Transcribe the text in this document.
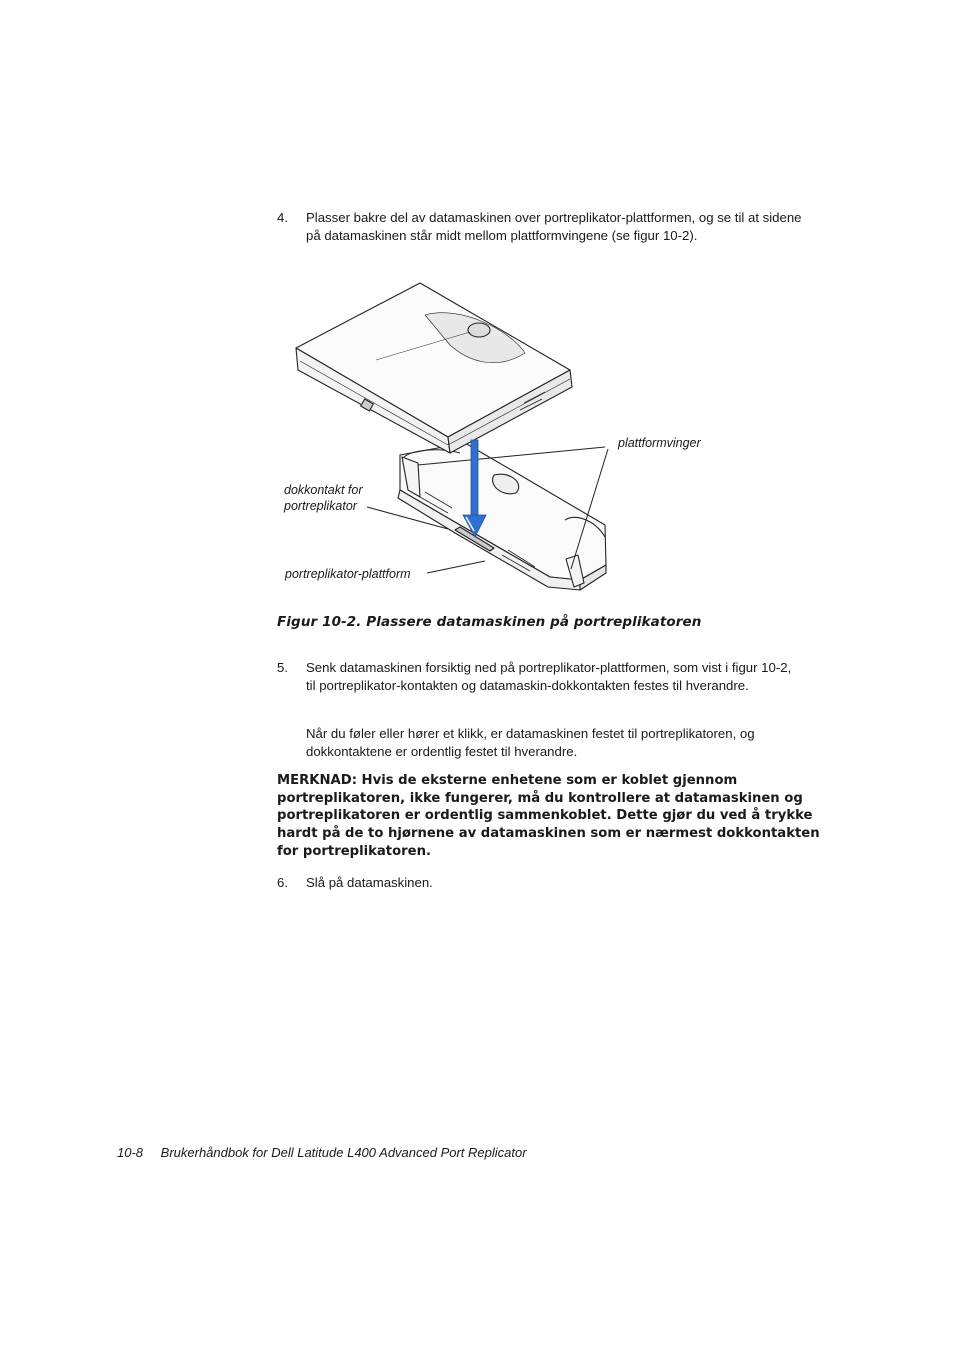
4. Plasser bakre del av datamaskinen over portreplikator-plattformen, og se til at sidene på datamaskinen står midt mellom plattformvingene (se figur 10-2).
plattformvinger
dokkontakt for
portreplikator
portreplikator-plattform
Figur 10-2. Plassere datamaskinen på portreplikatoren
5. Senk datamaskinen forsiktig ned på portreplikator-plattformen, som vist i figur 10-2, til portreplikator-kontakten og datamaskin-dokkontakten festes til hverandre.
Når du føler eller hører et klikk, er datamaskinen festet til portreplikatoren, og dokkontaktene er ordentlig festet til hverandre.
MERKNAD: Hvis de eksterne enhetene som er koblet gjennom portreplikatoren, ikke fungerer, må du kontrollere at datamaskinen og portreplikatoren er ordentlig sammenkoblet. Dette gjør du ved å trykke hardt på de to hjørnene av datamaskinen som er nærmest dokkontakten for portreplikatoren.
6. Slå på datamaskinen.
10-8 Brukerhåndbok for Dell Latitude L400 Advanced Port Replicator
